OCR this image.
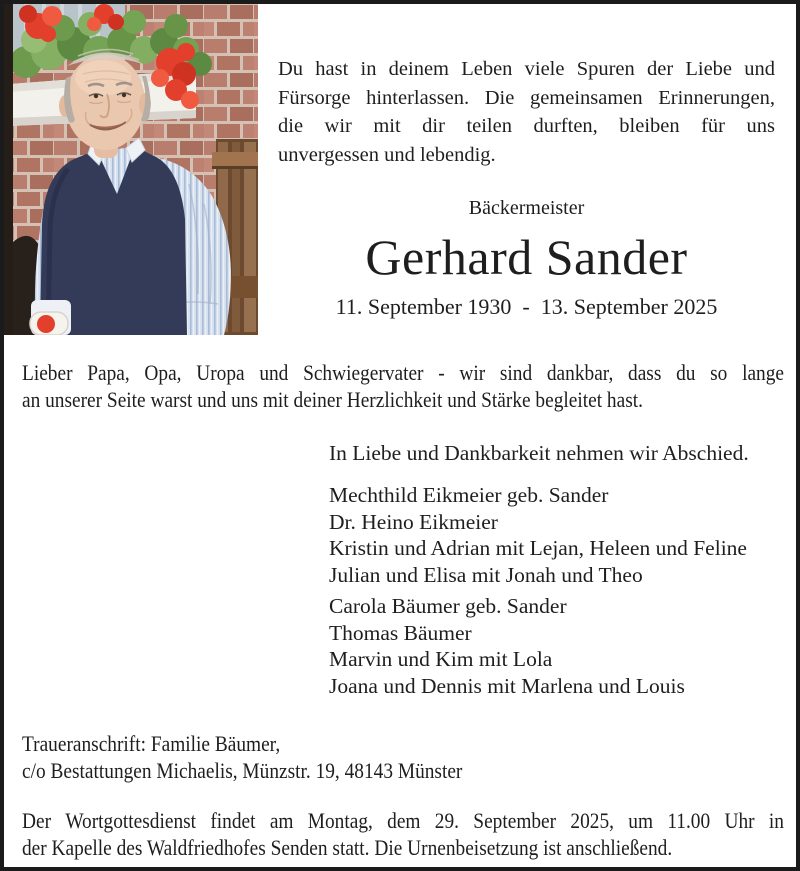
Du hast in deinem Leben viele Spuren der Liebe und
Fürsorge hinterlassen. Die gemeinsamen Erinnerungen,
die wir mit dir teilen durften, bleiben für uns
unvergessen und lebendig.
Bäckermeister
Gerhard Sander
11. September 1930  -  13. September 2025
Lieber Papa, Opa, Uropa und Schwiegervater - wir sind dankbar, dass du so lange
an unserer Seite warst und uns mit deiner Herzlichkeit und Stärke begleitet hast.
In Liebe und Dankbarkeit nehmen wir Abschied.
Mechthild Eikmeier geb. Sander
Dr. Heino Eikmeier
Kristin und Adrian mit Lejan, Heleen und Feline
Julian und Elisa mit Jonah und Theo
Carola Bäumer geb. Sander
Thomas Bäumer
Marvin und Kim mit Lola
Joana und Dennis mit Marlena und Louis
Traueranschrift: Familie Bäumer,
c/o Bestattungen Michaelis, Münzstr. 19, 48143 Münster
Der Wortgottesdienst findet am Montag, dem 29. September 2025, um 11.00 Uhr in
der Kapelle des Waldfriedhofes Senden statt. Die Urnenbeisetzung ist anschließend.
